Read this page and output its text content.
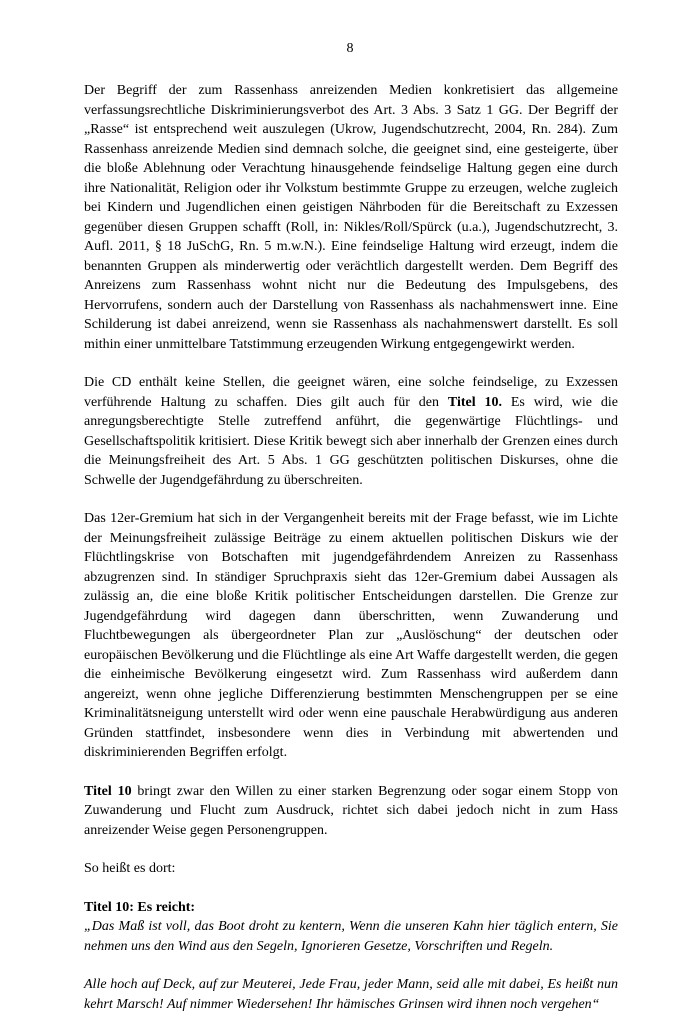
8

Der Begriff der zum Rassenhass anreizenden Medien konkretisiert das allgemeine verfassungsrechtliche Diskriminierungsverbot des Art. 3 Abs. 3 Satz 1 GG. Der Begriff der „Rasse“ ist entsprechend weit auszulegen (Ukrow, Jugendschutzrecht, 2004, Rn. 284). Zum Rassenhass anreizende Medien sind demnach solche, die geeignet sind, eine gesteigerte, über die bloße Ablehnung oder Verachtung hinausgehende feindselige Haltung gegen eine durch ihre Nationalität, Religion oder ihr Volkstum bestimmte Gruppe zu erzeugen, welche zugleich bei Kindern und Jugendlichen einen geistigen Nährboden für die Bereitschaft zu Exzessen gegenüber diesen Gruppen schafft (Roll, in: Nikles/Roll/Spürck (u.a.), Jugendschutzrecht, 3. Aufl. 2011, § 18 JuSchG, Rn. 5 m.w.N.). Eine feindselige Haltung wird erzeugt, indem die benannten Gruppen als minderwertig oder verächtlich dargestellt werden. Dem Begriff des Anreizens zum Rassenhass wohnt nicht nur die Bedeutung des Impulsgebens, des Hervorrufens, sondern auch der Darstellung von Rassenhass als nachahmenswert inne. Eine Schilderung ist dabei anreizend, wenn sie Rassenhass als nachahmenswert darstellt. Es soll mithin einer unmittelbare Tatstimmung erzeugenden Wirkung entgegengewirkt werden.

Die CD enthält keine Stellen, die geeignet wären, eine solche feindselige, zu Exzessen verführende Haltung zu schaffen. Dies gilt auch für den Titel 10. Es wird, wie die anregungsberechtigte Stelle zutreffend anführt, die gegenwärtige Flüchtlings- und Gesellschaftspolitik kritisiert. Diese Kritik bewegt sich aber innerhalb der Grenzen eines durch die Meinungsfreiheit des Art. 5 Abs. 1 GG geschützten politischen Diskurses, ohne die Schwelle der Jugendgefährdung zu überschreiten.

Das 12er-Gremium hat sich in der Vergangenheit bereits mit der Frage befasst, wie im Lichte der Meinungsfreiheit zulässige Beiträge zu einem aktuellen politischen Diskurs wie der Flüchtlingskrise von Botschaften mit jugendgefährdendem Anreizen zu Rassenhass abzugrenzen sind. In ständiger Spruchpraxis sieht das 12er-Gremium dabei Aussagen als zulässig an, die eine bloße Kritik politischer Entscheidungen darstellen. Die Grenze zur Jugendgefährdung wird dagegen dann überschritten, wenn Zuwanderung und Fluchtbewegungen als übergeordneter Plan zur „Auslöschung“ der deutschen oder europäischen Bevölkerung und die Flüchtlinge als eine Art Waffe dargestellt werden, die gegen die einheimische Bevölkerung eingesetzt wird. Zum Rassenhass wird außerdem dann angereizt, wenn ohne jegliche Differenzierung bestimmten Menschengruppen per se eine Kriminalitätsneigung unterstellt wird oder wenn eine pauschale Herabwürdigung aus anderen Gründen stattfindet, insbesondere wenn dies in Verbindung mit abwertenden und diskriminierenden Begriffen erfolgt.

Titel 10 bringt zwar den Willen zu einer starken Begrenzung oder sogar einem Stopp von Zuwanderung und Flucht zum Ausdruck, richtet sich dabei jedoch nicht in zum Hass anreizender Weise gegen Personengruppen.

So heißt es dort:

Titel 10: Es reicht:
„Das Maß ist voll, das Boot droht zu kentern, Wenn die unseren Kahn hier täglich entern, Sie nehmen uns den Wind aus den Segeln, Ignorieren Gesetze, Vorschriften und Regeln.

Alle hoch auf Deck, auf zur Meuterei, Jede Frau, jeder Mann, seid alle mit dabei, Es heißt nun kehrt Marsch! Auf nimmer Wiedersehen! Ihr hämisches Grinsen wird ihnen noch vergehen“
